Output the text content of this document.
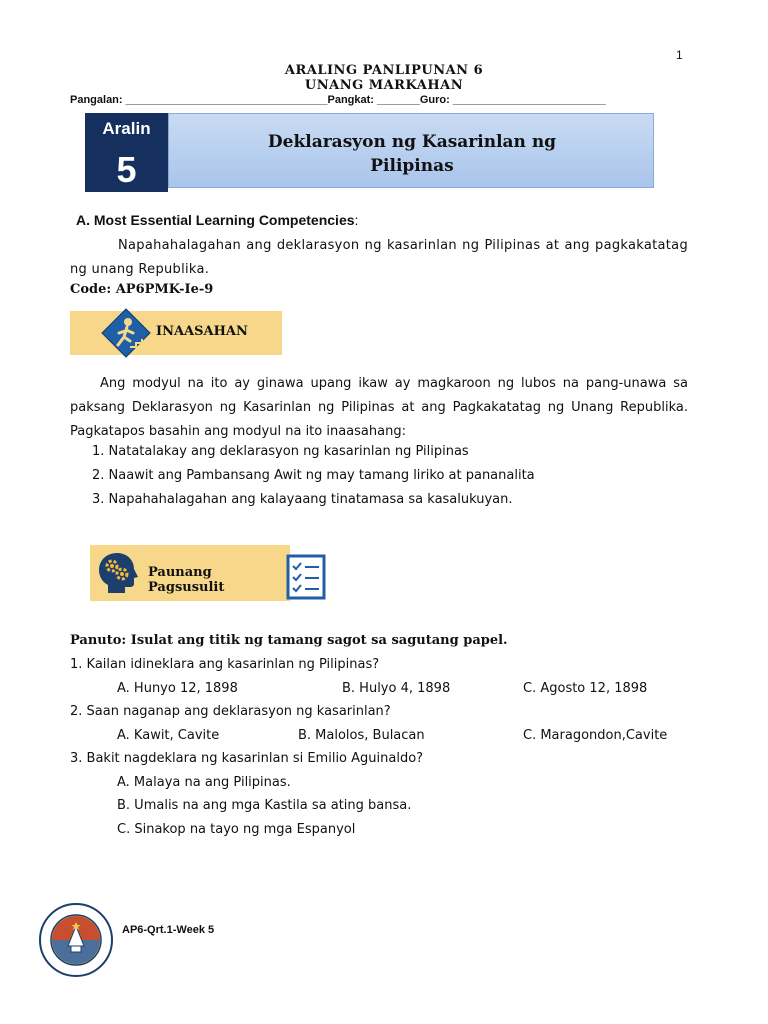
1
ARALING PANLIPUNAN 6
UNANG MARKAHAN
Pangalan: _________________________________Pangkat: _______Guro: _________________________
Aralin
5
Deklarasyon ng Kasarinlan ng
Pilipinas
A. Most Essential Learning Competencies:
Napahahalagahan ang deklarasyon ng kasarinlan ng Pilipinas at ang pagkakatatag ng unang Republika.
Code: AP6PMK-Ie-9
INAASAHAN
Ang modyul na ito ay ginawa upang ikaw ay magkaroon ng lubos na pang-unawa sa paksang Deklarasyon ng Kasarinlan ng Pilipinas at ang Pagkakatatag ng Unang Republika. Pagkatapos basahin ang modyul na ito inaasahang:
1. Natatalakay ang deklarasyon ng kasarinlan ng Pilipinas
2. Naawit ang Pambansang Awit ng may tamang liriko at pananalita
3. Napahahalagahan ang kalayaang tinatamasa sa kasalukuyan.
Paunang Pagsusulit
Panuto: Isulat ang titik ng tamang sagot sa sagutang papel.
1. Kailan idineklara ang kasarinlan ng Pilipinas?
A. Hunyo 12, 1898	B. Hulyo 4, 1898	C. Agosto 12, 1898
2. Saan naganap ang deklarasyon ng kasarinlan?
A. Kawit, Cavite	B. Malolos, Bulacan	C. Maragondon,Cavite
3. Bakit nagdeklara ng kasarinlan si Emilio Aguinaldo?
A. Malaya na ang Pilipinas.
B. Umalis na ang mga Kastila sa ating bansa.
C. Sinakop na tayo ng mga Espanyol
AP6-Qrt.1-Week 5
